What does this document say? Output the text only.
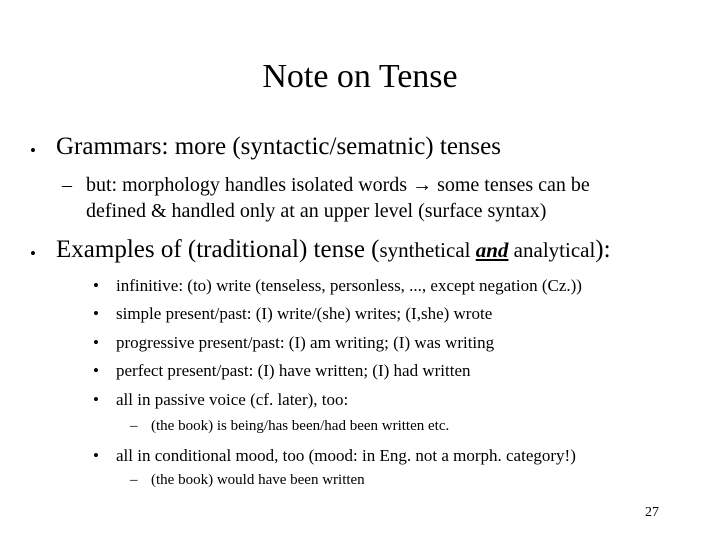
Note on Tense
• Grammars: more (syntactic/sematnic) tenses
– but: morphology handles isolated words → some tenses can be
defined & handled only at an upper level (surface syntax)
• Examples of (traditional) tense (synthetical and analytical):
• infinitive: (to) write (tenseless, personless, ..., except negation (Cz.))
• simple present/past: (I) write/(she) writes; (I,she) wrote
• progressive present/past: (I) am writing; (I) was writing
• perfect present/past: (I) have written; (I) had written
• all in passive voice (cf. later), too:
– (the book) is being/has been/had been written etc.
• all in conditional mood, too (mood: in Eng. not a morph. category!)
– (the book) would have been written
27
